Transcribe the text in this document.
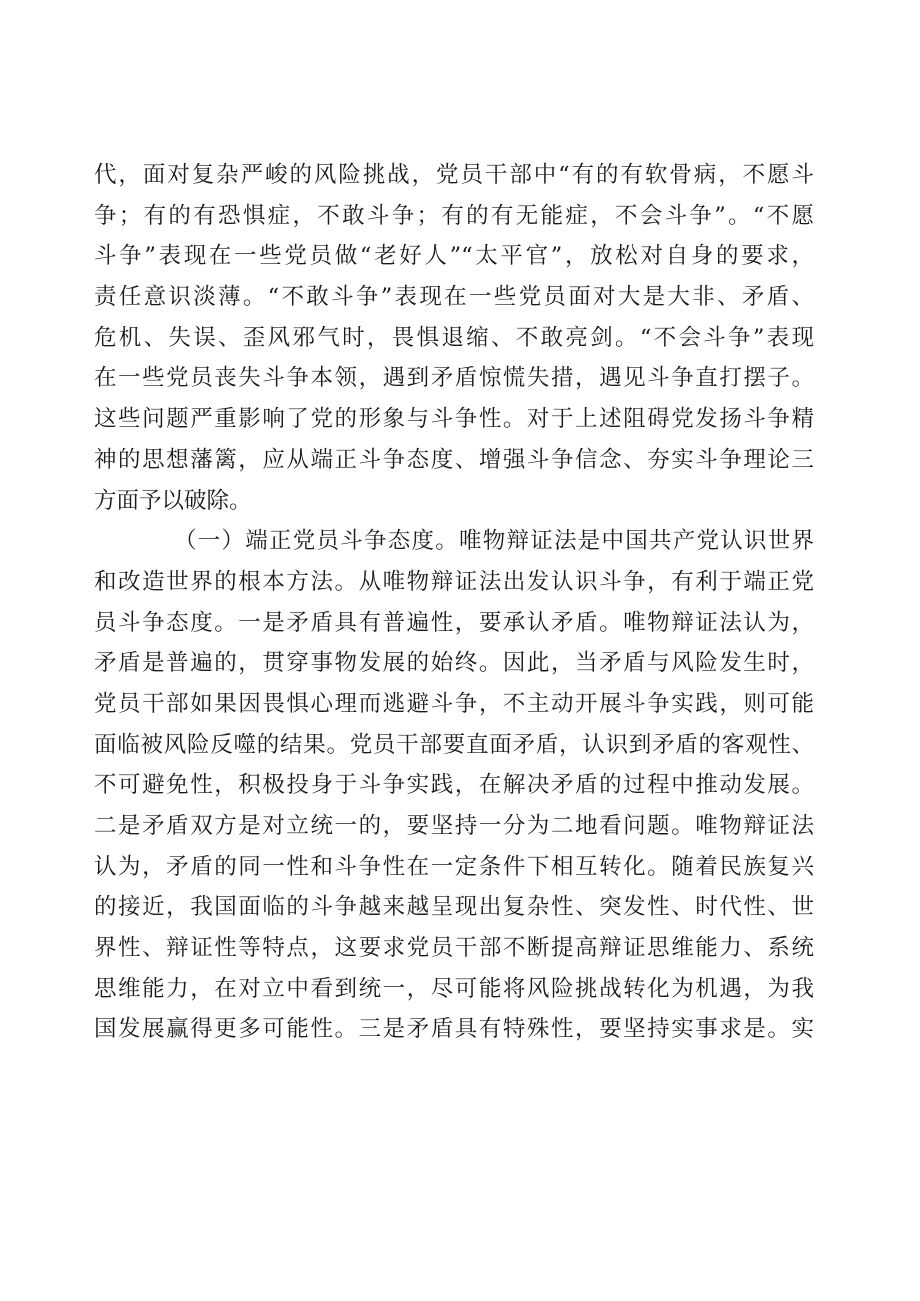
代，面对复杂严峻的风险挑战，党员干部中“有的有软骨病，不愿斗
争；有的有恐惧症，不敢斗争；有的有无能症，不会斗争”。“不愿
斗争”表现在一些党员做“老好人”“太平官”，放松对自身的要求，
责任意识淡薄。“不敢斗争”表现在一些党员面对大是大非、矛盾、
危机、失误、歪风邪气时，畏惧退缩、不敢亮剑。“不会斗争”表现
在一些党员丧失斗争本领，遇到矛盾惊慌失措，遇见斗争直打摆子。
这些问题严重影响了党的形象与斗争性。对于上述阻碍党发扬斗争精
神的思想藩篱，应从端正斗争态度、增强斗争信念、夯实斗争理论三
方面予以破除。
（一）端正党员斗争态度。唯物辩证法是中国共产党认识世界
和改造世界的根本方法。从唯物辩证法出发认识斗争，有利于端正党
员斗争态度。一是矛盾具有普遍性，要承认矛盾。唯物辩证法认为，
矛盾是普遍的，贯穿事物发展的始终。因此，当矛盾与风险发生时，
党员干部如果因畏惧心理而逃避斗争，不主动开展斗争实践，则可能
面临被风险反噬的结果。党员干部要直面矛盾，认识到矛盾的客观性、
不可避免性，积极投身于斗争实践，在解决矛盾的过程中推动发展。
二是矛盾双方是对立统一的，要坚持一分为二地看问题。唯物辩证法
认为，矛盾的同一性和斗争性在一定条件下相互转化。随着民族复兴
的接近，我国面临的斗争越来越呈现出复杂性、突发性、时代性、世
界性、辩证性等特点，这要求党员干部不断提高辩证思维能力、系统
思维能力，在对立中看到统一，尽可能将风险挑战转化为机遇，为我
国发展赢得更多可能性。三是矛盾具有特殊性，要坚持实事求是。实
